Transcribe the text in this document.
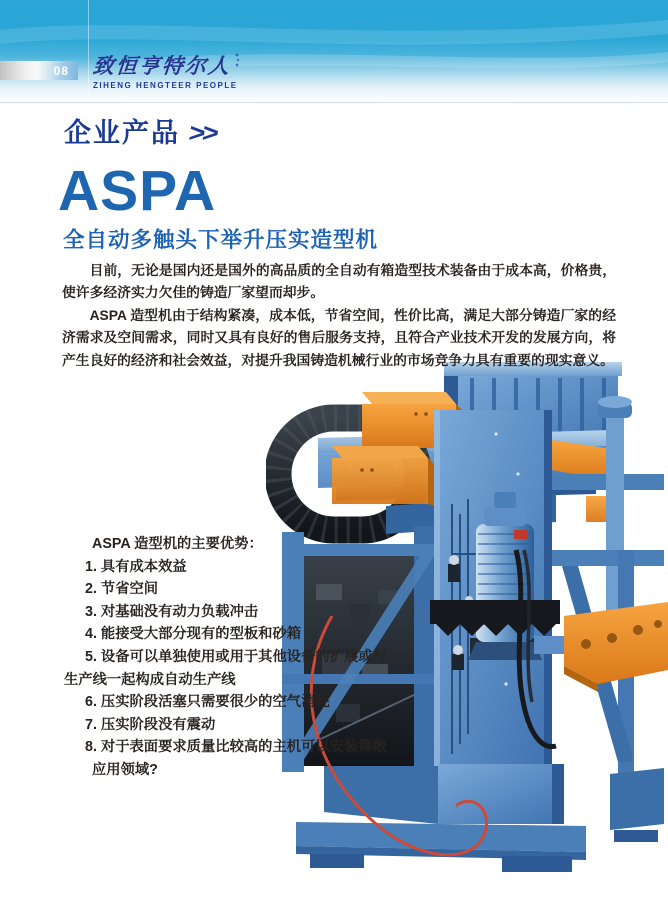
08 致恒亨特尔人
ZIHENG HENGTEER PEOPLE
企业产品 >>
ASPA
全自动多触头下举升压实造型机

目前，无论是国内还是国外的高品质的全自动有箱造型技术装备由于成本高，价格贵，使许多经济实力欠佳的铸造厂家望而却步。

ASPA 造型机由于结构紧凑，成本低，节省空间，性价比高，满足大部分铸造厂家的经济需求及空间需求，同时又具有良好的售后服务支持，且符合产业技术开发的发展方向，将产生良好的经济和社会效益，对提升我国铸造机械行业的市场竞争力具有重要的现实意义。

ASPA 造型机的主要优势：
1. 具有成本效益
2. 节省空间
3. 对基础没有动力负载冲击
4. 能接受大部分现有的型板和砂箱
5. 设备可以单独使用或用于其他设备的扩展或与
生产线一起构成自动生产线
6. 压实阶段活塞只需要很少的空气消耗
7. 压实阶段没有震动
8. 对于表面要求质量比较高的主机可以安装筛敞
应用领域?
